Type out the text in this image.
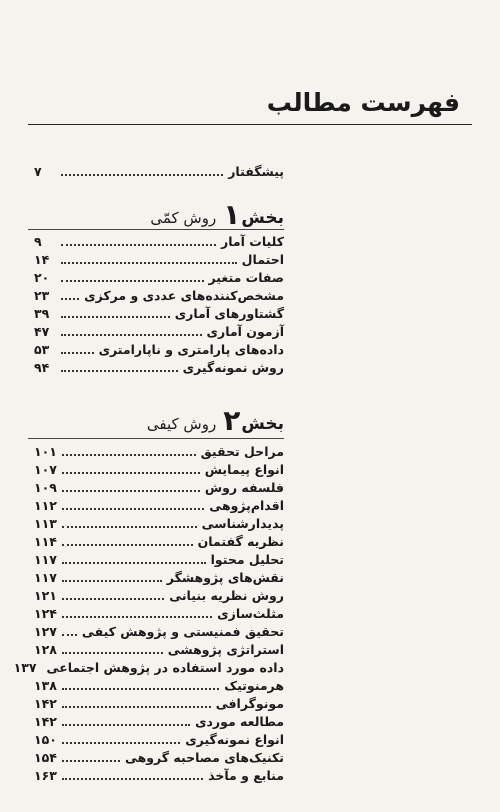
فهرست مطالب
پیشگفتار
۷
بخش
۱
روش کمّی
کلیات آمار
۹
احتمال
۱۴
صفات متغیر
۲۰
مشخص‌کننده‌های عددی و مرکزی
۲۳
گشتاورهای آماری
۳۹
آزمون آماری
۴۷
داده‌های پارامتری و ناپارامتری
۵۳
روش نمونه‌گیری
۹۴
بخش
۲
روش کیفی
مراحل تحقیق
۱۰۱
انواع پیمایش
۱۰۷
فلسفه روش
۱۰۹
اقدام‌پژوهی
۱۱۲
پدیدارشناسی
۱۱۳
نظریه گفتمان
۱۱۴
تحلیل محتوا
۱۱۷
نقش‌های پژوهشگر
۱۱۷
روش نظریه بنیانی
۱۲۱
مثلث‌سازی
۱۲۴
تحقیق فمنیستی و پژوهش کیفی
۱۲۷
استراتژی پژوهشی
۱۲۸
داده مورد استفاده در پژوهش اجتماعی
۱۳۷
هرمنوتیک
۱۳۸
مونوگرافی
۱۴۲
مطالعه موردی
۱۴۲
انواع نمونه‌گیری
۱۵۰
تکنیک‌های مصاحبه گروهی
۱۵۴
منابع و مآخذ
۱۶۳
